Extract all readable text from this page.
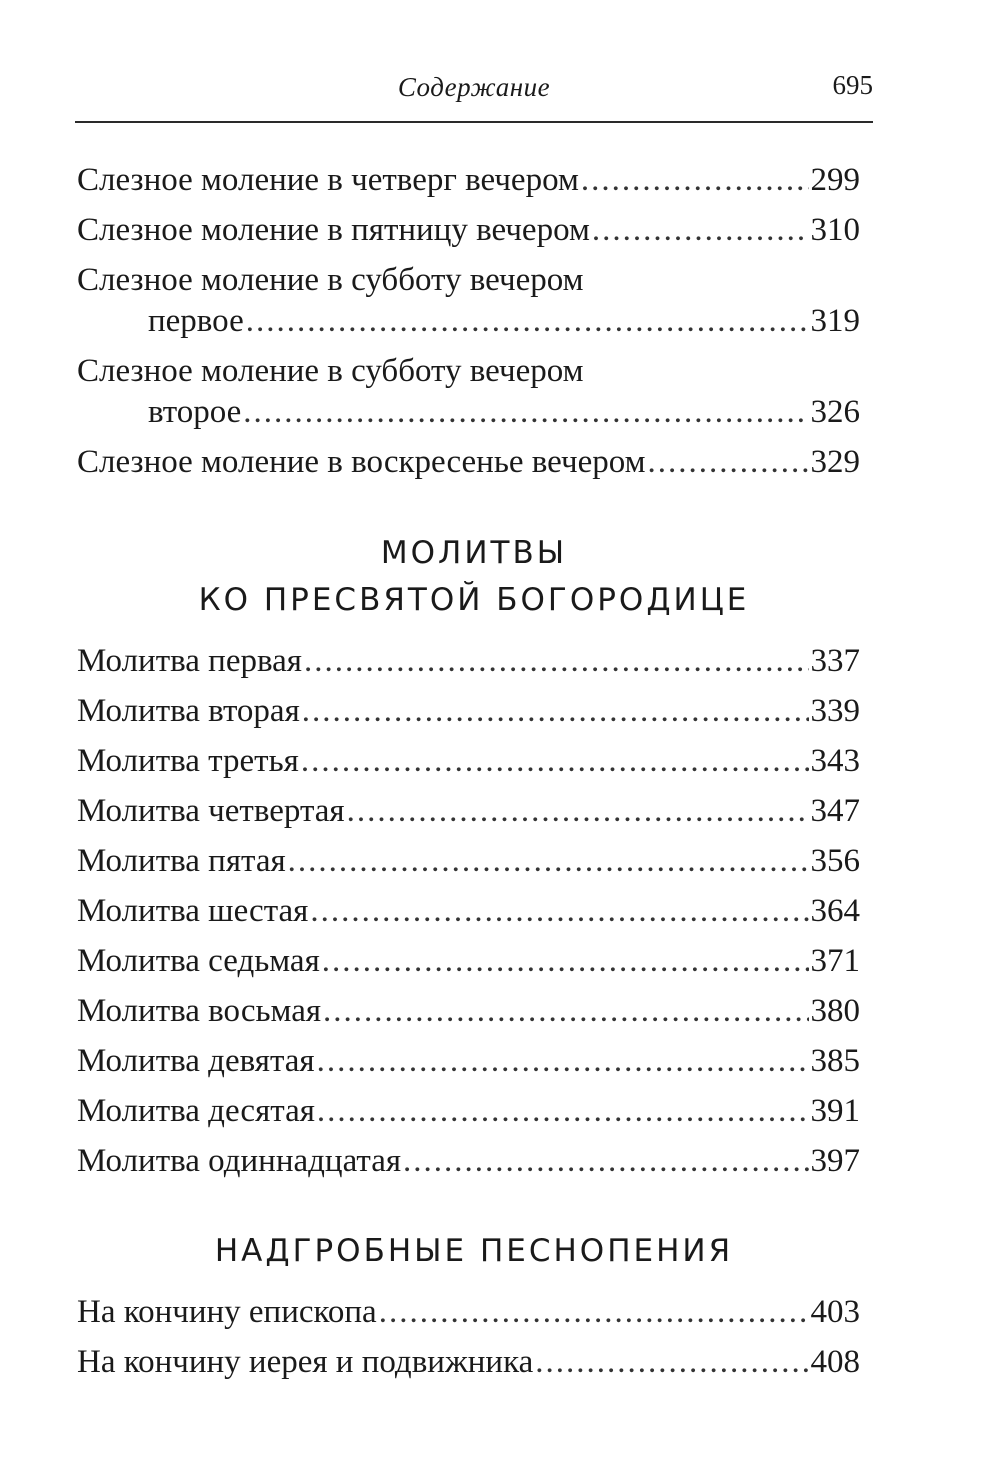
Содержание	695
Слезное моление в четверг вечером .....	299
Слезное моление в пятницу вечером .....	310
Слезное моление в субботу вечером
первое .....	319
Слезное моление в субботу вечером
второе .....	326
Слезное моление в воскресенье вечером .....	329
МОЛИТВЫ
КО ПРЕСВЯТОЙ БОГОРОДИЦЕ
Молитва первая .....	337
Молитва вторая .....	339
Молитва третья .....	343
Молитва четвертая .....	347
Молитва пятая .....	356
Молитва шестая .....	364
Молитва седьмая .....	371
Молитва восьмая .....	380
Молитва девятая .....	385
Молитва десятая .....	391
Молитва одиннадцатая .....	397
НАДГРОБНЫЕ ПЕСНОПЕНИЯ
На кончину епископа .....	403
На кончину иерея и подвижника .....	408
